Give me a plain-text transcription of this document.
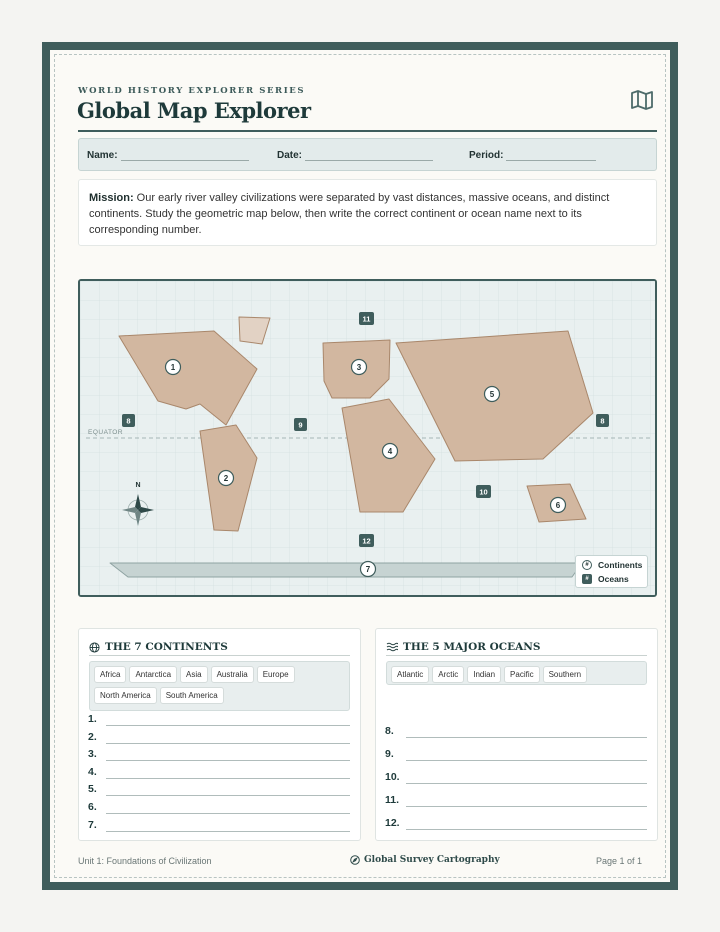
WORLD HISTORY EXPLORER SERIES
Global Map Explorer
Name:	Date:	Period:
Mission: Our early river valley civilizations were separated by vast distances, massive oceans, and distinct continents. Study the geometric map below, then write the correct continent or ocean name next to its corresponding number.
EQUATOR
1
2
3
4
5
6
7
8	8
9
10
11
12
N
#	Continents
#	Oceans
THE 7 CONTINENTS
Africa	Antarctica	Asia	Australia	Europe
North America	South America
1.
2.
3.
4.
5.
6.
7.
THE 5 MAJOR OCEANS
Atlantic	Arctic	Indian	Pacific	Southern
8.
9.
10.
11.
12.
Unit 1: Foundations of Civilization	Global Survey Cartography	Page 1 of 1
